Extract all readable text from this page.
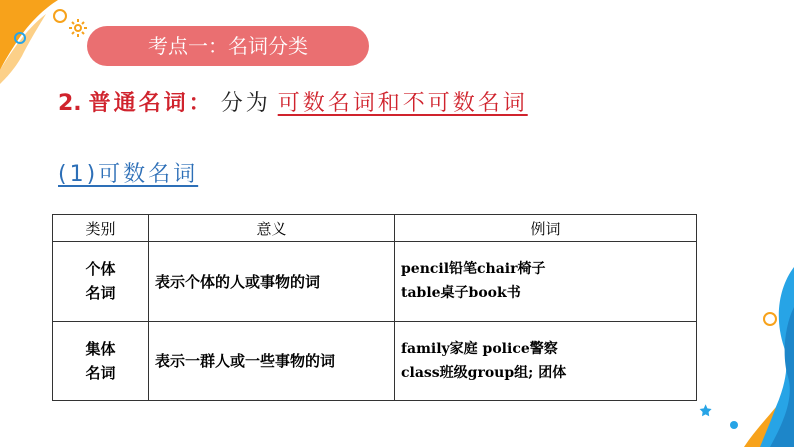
考点一：名词分类
2. 普通名词： 分为 可数名词和不可数名词
(1)可数名词
类别	意义	例词

个体
名词	表示个体的人或事物的词	pencil铅笔chair椅子
table桌子book书

集体
名词	表示一群人或一些事物的词	family家庭 police警察
class班级group组; 团体
